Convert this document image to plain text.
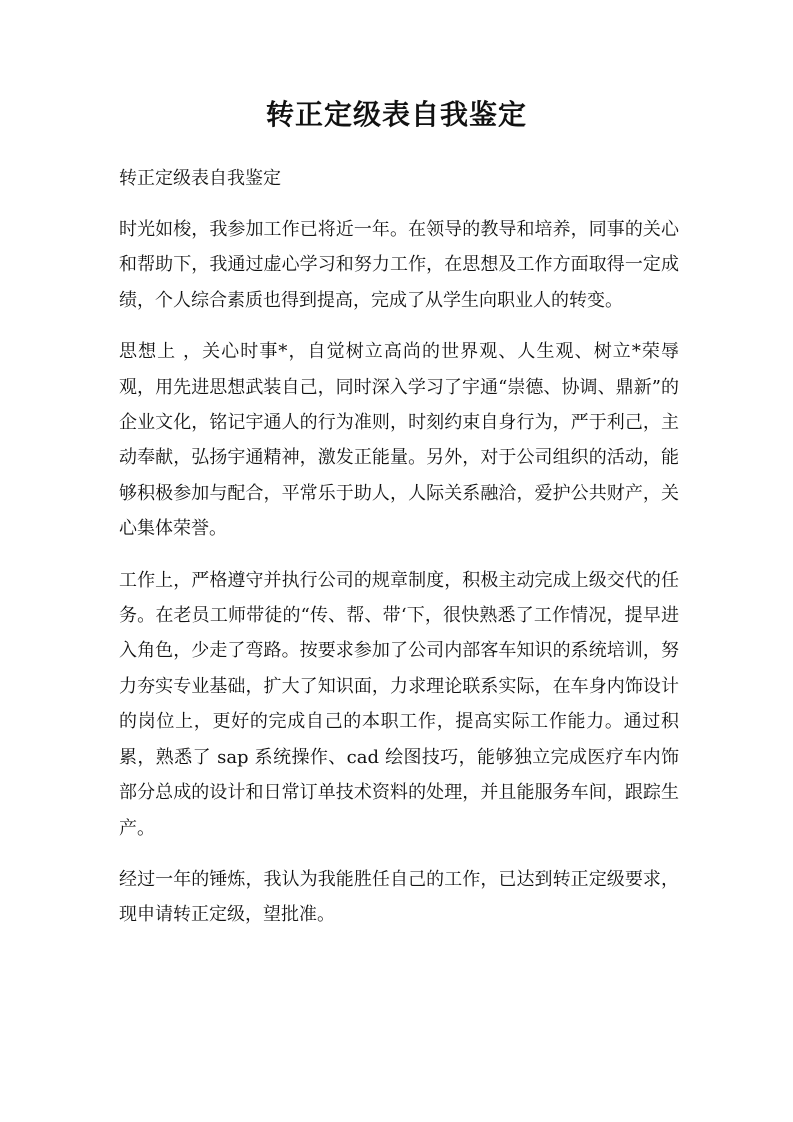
转正定级表自我鉴定

转正定级表自我鉴定

时光如梭，我参加工作已将近一年。在领导的教导和培养，同事的关心和帮助下，我通过虚心学习和努力工作，在思想及工作方面取得一定成绩，个人综合素质也得到提高，完成了从学生向职业人的转变。

思想上 ，关心时事*，自觉树立高尚的世界观、人生观、树立*荣辱观，用先进思想武装自己，同时深入学习了宇通“崇德、协调、鼎新”的企业文化，铭记宇通人的行为准则，时刻约束自身行为，严于利己，主动奉献，弘扬宇通精神，激发正能量。另外，对于公司组织的活动，能够积极参加与配合，平常乐于助人，人际关系融洽，爱护公共财产，关心集体荣誉。

工作上，严格遵守并执行公司的规章制度，积极主动完成上级交代的任务。在老员工师带徒的“传、帮、带‘下，很快熟悉了工作情况，提早进入角色，少走了弯路。按要求参加了公司内部客车知识的系统培训，努力夯实专业基础，扩大了知识面，力求理论联系实际，在车身内饰设计的岗位上，更好的完成自己的本职工作，提高实际工作能力。通过积累，熟悉了 sap 系统操作、cad 绘图技巧，能够独立完成医疗车内饰部分总成的设计和日常订单技术资料的处理，并且能服务车间，跟踪生产。

经过一年的锤炼，我认为我能胜任自己的工作，已达到转正定级要求，现申请转正定级，望批准。
